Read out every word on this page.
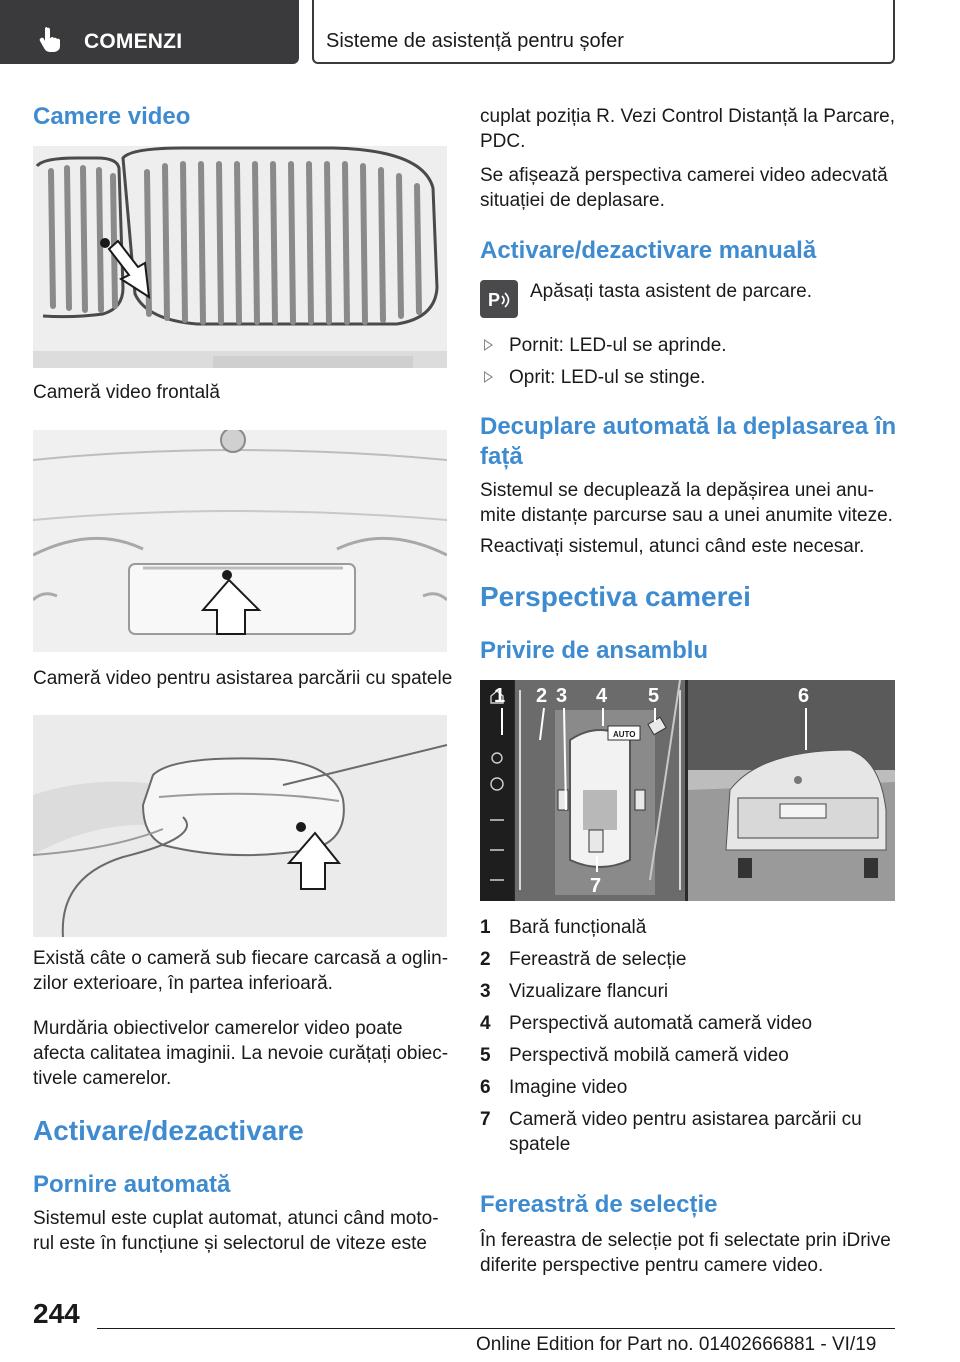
COMENZI	Sisteme de asistență pentru șofer
Camere video
Cameră video frontală
Cameră video pentru asistarea parcării cu spatele
Există câte o cameră sub fiecare carcasă a oglin-
zilor exterioare, în partea inferioară.
Murdăria obiectivelor camerelor video poate
afecta calitatea imaginii. La nevoie curățați obiec-
tivele camerelor.
Activare/dezactivare
Pornire automată
Sistemul este cuplat automat, atunci când moto-
rul este în funcțiune și selectorul de viteze este
cuplat poziția R. Vezi Control Distanță la Parcare,
PDC.
Se afișează perspectiva camerei video adecvată
situației de deplasare.
Activare/dezactivare manuală
P Apăsați tasta asistent de parcare.
Pornit: LED-ul se aprinde.
Oprit: LED-ul se stinge.
Decuplare automată la deplasarea în
față
Sistemul se decuplează la depășirea unei anu-
mite distanțe parcurse sau a unei anumite viteze.
Reactivați sistemul, atunci când este necesar.
Perspectiva camerei
Privire de ansamblu
1 2 3 4 5	6
7
AUTO
1 Bară funcțională
2 Fereastră de selecție
3 Vizualizare flancuri
4 Perspectivă automată cameră video
5 Perspectivă mobilă cameră video
6 Imagine video
7 Cameră video pentru asistarea parcării cu
spatele
Fereastră de selecție
În fereastra de selecție pot fi selectate prin iDrive
diferite perspective pentru camere video.
244
Online Edition for Part no. 01402666881 - VI/19
